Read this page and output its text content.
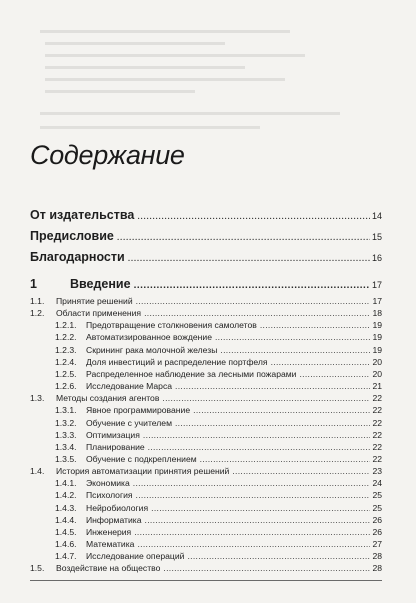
Содержание
От издательства .....	14
Предисловие .....	15
Благодарности .....	16
1	Введение .....	17
1.1. Принятие решений .....	17
1.2. Области применения .....	18
1.2.1. Предотвращение столкновения самолетов .....	19
1.2.2. Автоматизированное вождение .....	19
1.2.3. Скрининг рака молочной железы .....	19
1.2.4. Доля инвестиций и распределение портфеля .....	20
1.2.5. Распределенное наблюдение за лесными пожарами .....	20
1.2.6. Исследование Марса .....	21
1.3. Методы создания агентов .....	22
1.3.1. Явное программирование .....	22
1.3.2. Обучение с учителем .....	22
1.3.3. Оптимизация .....	22
1.3.4. Планирование .....	22
1.3.5. Обучение с подкреплением .....	22
1.4. История автоматизации принятия решений .....	23
1.4.1. Экономика .....	24
1.4.2. Психология .....	25
1.4.3. Нейробиология .....	25
1.4.4. Информатика .....	26
1.4.5. Инженерия .....	26
1.4.6. Математика .....	27
1.4.7. Исследование операций .....	28
1.5. Воздействие на общество .....	28
